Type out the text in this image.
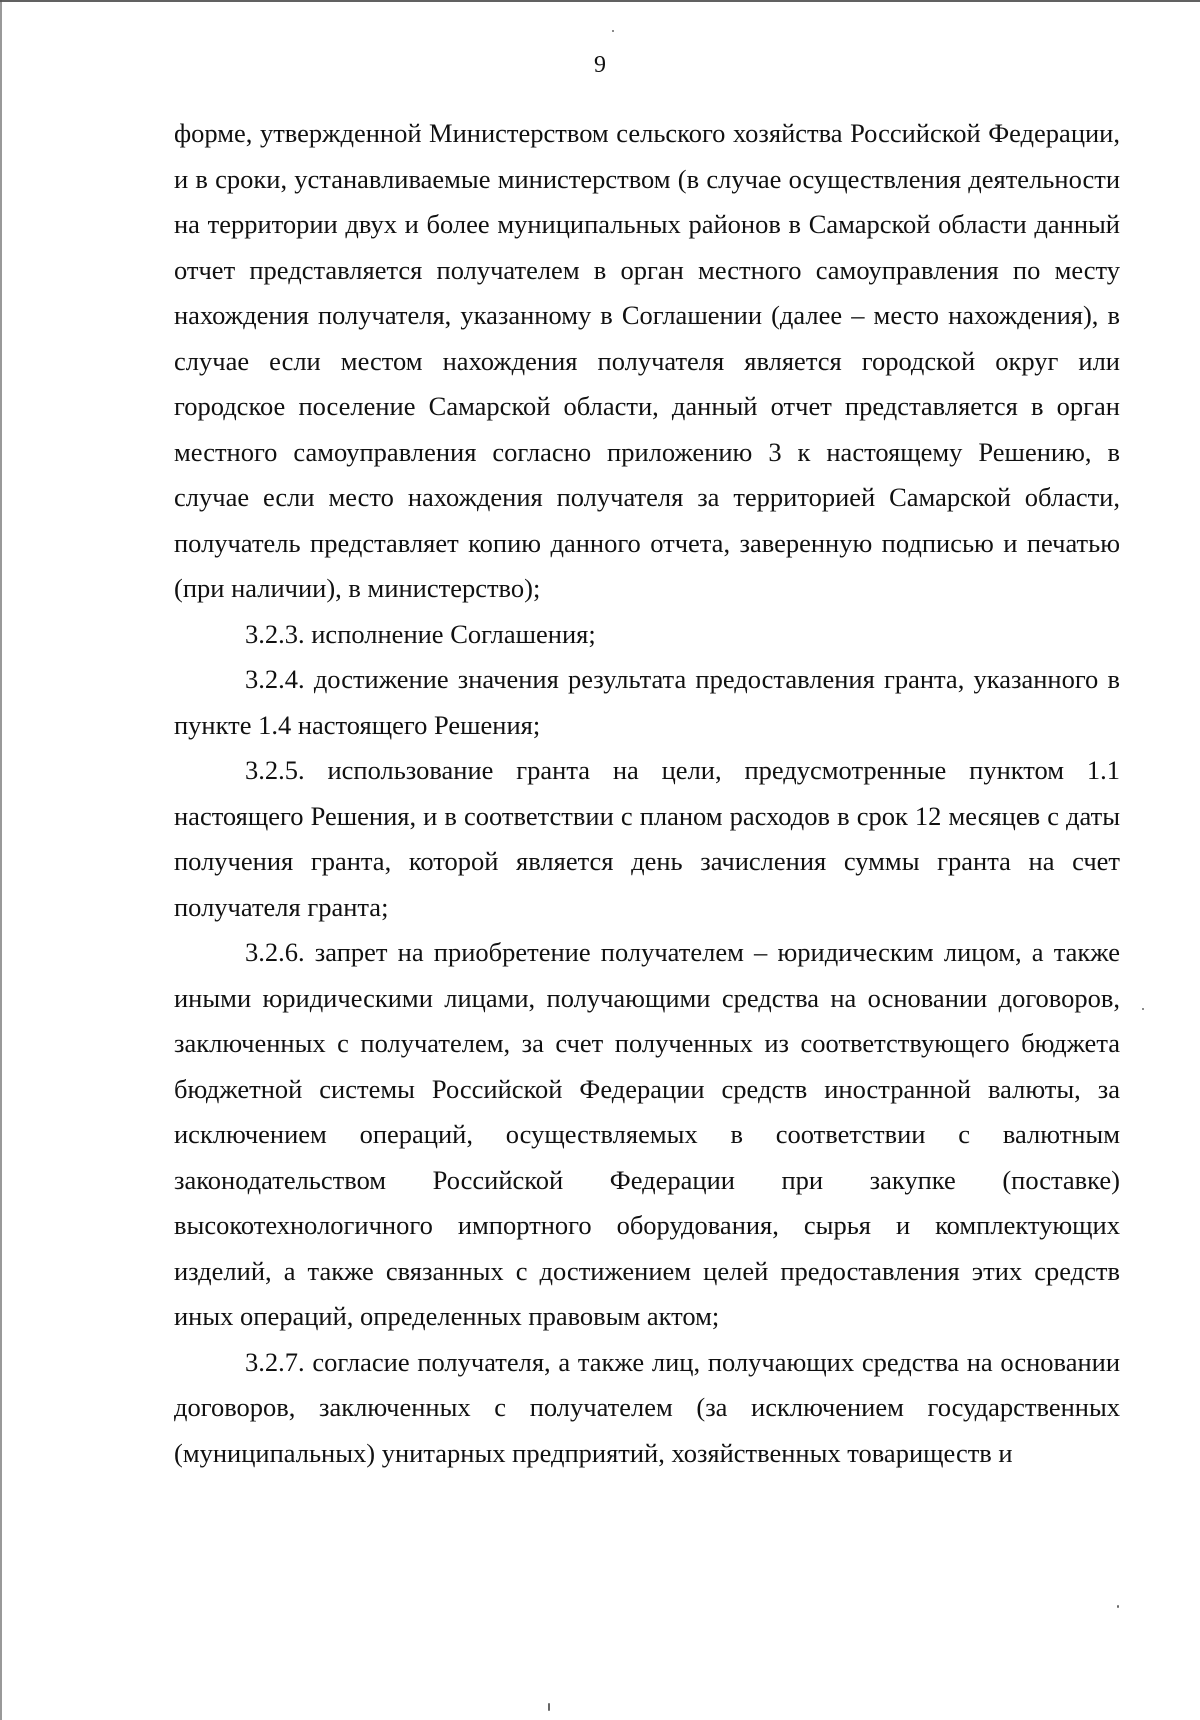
9

форме, утвержденной Министерством сельского хозяйства Российской Федерации, и в сроки, устанавливаемые министерством (в случае осуществления деятельности на территории двух и более муниципальных районов в Самарской области данный отчет представляется получателем в орган местного самоуправления по месту нахождения получателя, указанному в Соглашении (далее – место нахождения), в случае если местом нахождения получателя является городской округ или городское поселение Самарской области, данный отчет представляется в орган местного самоуправления согласно приложению 3 к настоящему Решению, в случае если место нахождения получателя за территорией Самарской области, получатель представляет копию данного отчета, заверенную подписью и печатью (при наличии), в министерство);

3.2.3. исполнение Соглашения;

3.2.4. достижение значения результата предоставления гранта, указанного в пункте 1.4 настоящего Решения;

3.2.5. использование гранта на цели, предусмотренные пунктом 1.1 настоящего Решения, и в соответствии с планом расходов в срок 12 месяцев с даты получения гранта, которой является день зачисления суммы гранта на счет получателя гранта;

3.2.6. запрет на приобретение получателем – юридическим лицом, а также иными юридическими лицами, получающими средства на основании договоров, заключенных с получателем, за счет полученных из соответствующего бюджета бюджетной системы Российской Федерации средств иностранной валюты, за исключением операций, осуществляемых в соответствии с валютным законодательством Российской Федерации при закупке (поставке) высокотехнологичного импортного оборудования, сырья и комплектующих изделий, а также связанных с достижением целей предоставления этих средств иных операций, определенных правовым актом;

3.2.7. согласие получателя, а также лиц, получающих средства на основании договоров, заключенных с получателем (за исключением государственных (муниципальных) унитарных предприятий, хозяйственных товариществ и
